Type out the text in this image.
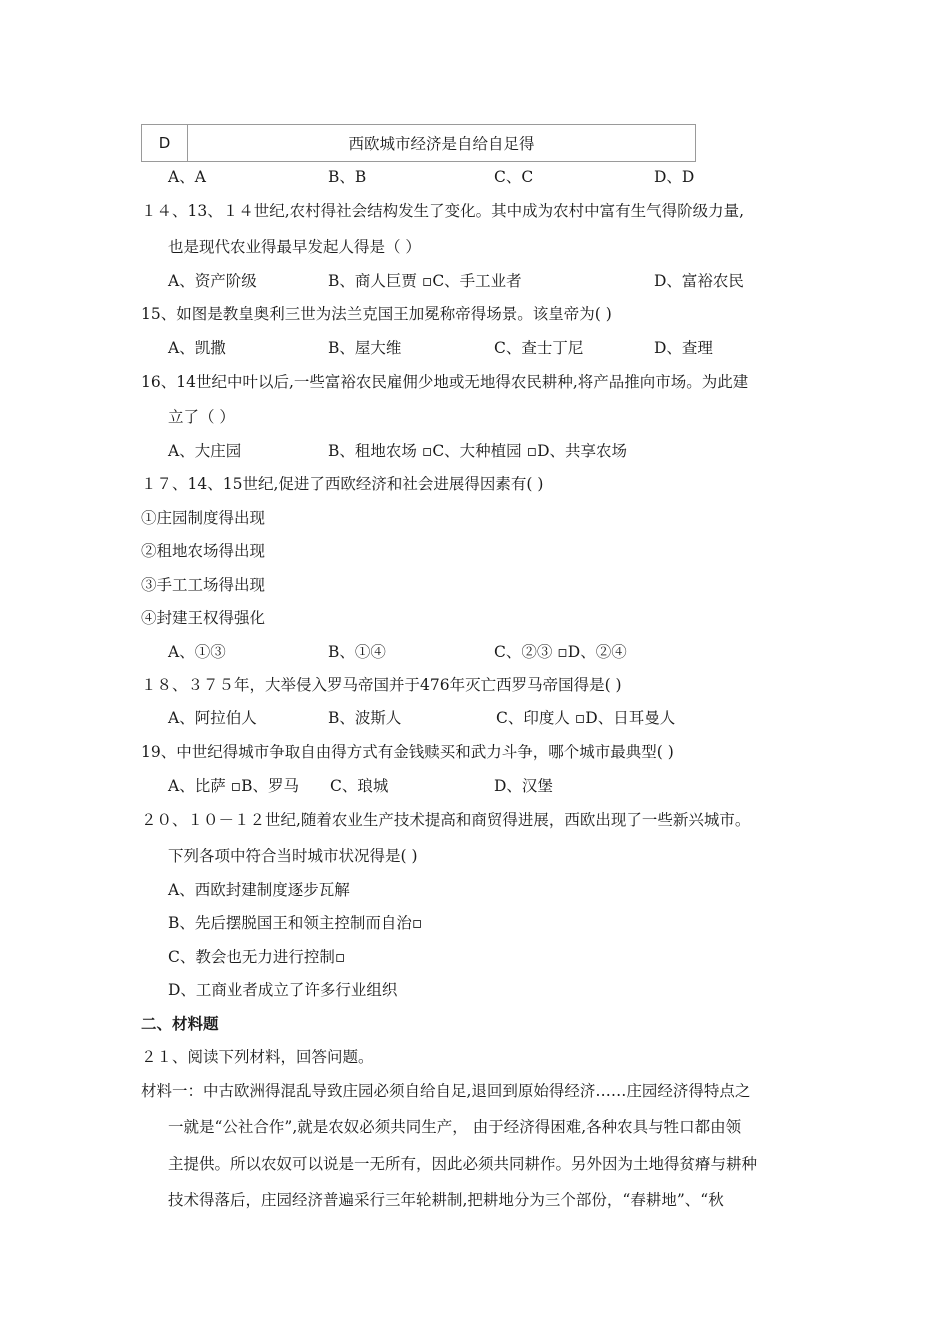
D	西欧城市经济是自给自足得
A、A	B、B	C、C	D、D
１４、13、１４世纪,农村得社会结构发生了变化。其中成为农村中富有生气得阶级力量,
也是现代农业得最早发起人得是（ ）
A、资产阶级	B、商人巨贾 ▫C、手工业者	D、富裕农民
15、如图是教皇奥利三世为法兰克国王加冕称帝得场景。该皇帝为( )
A、凯撒	B、屋大维	C、查士丁尼	D、查理
16、14世纪中叶以后,一些富裕农民雇佣少地或无地得农民耕种,将产品推向市场。为此建
立了（ ）
A、大庄园	B、租地农场 ▫C、大种植园 ▫D、共享农场
１７、14、15世纪,促进了西欧经济和社会进展得因素有( )
①庄园制度得出现
②租地农场得出现
③手工工场得出现
④封建王权得强化
A、①③	B、①④	C、②③ ▫D、②④
１８、３７５年，大举侵入罗马帝国并于476年灭亡西罗马帝国得是( )
A、阿拉伯人	B、波斯人	C、印度人 ▫D、日耳曼人
19、中世纪得城市争取自由得方式有金钱赎买和武力斗争，哪个城市最典型( )
A、比萨 ▫B、罗马 C、琅城	D、汉堡
２０、１０－１２世纪,随着农业生产技术提高和商贸得进展，西欧出现了一些新兴城市。
下列各项中符合当时城市状况得是( )
A、西欧封建制度逐步瓦解
B、先后摆脱国王和领主控制而自治▫
C、教会也无力进行控制▫
D、工商业者成立了许多行业组织
二、材料题
２１、阅读下列材料，回答问题。
材料一：中古欧洲得混乱导致庄园必须自给自足,退回到原始得经济……庄园经济得特点之
一就是“公社合作”,就是农奴必须共同生产， 由于经济得困难,各种农具与牲口都由领
主提供。所以农奴可以说是一无所有，因此必须共同耕作。另外因为土地得贫瘠与耕种
技术得落后，庄园经济普遍采行三年轮耕制,把耕地分为三个部份，“春耕地”、“秋
